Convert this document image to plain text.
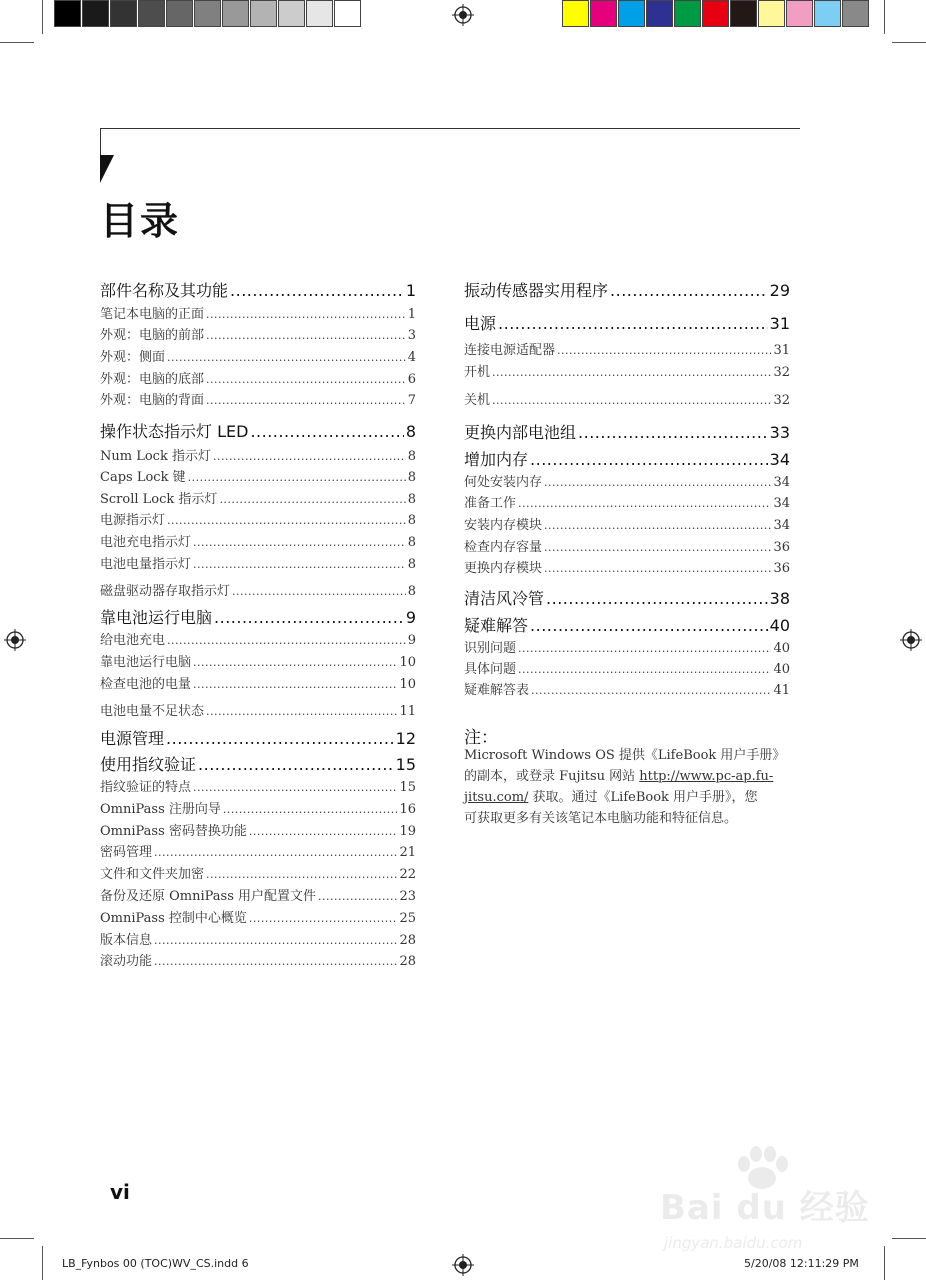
目录
部件名称及其功能 .....	1
笔记本电脑的正面 .....	1
外观：电脑的前部 .....	3
外观：侧面 .....	4
外观：电脑的底部 .....	6
外观：电脑的背面 .....	7
操作状态指示灯 LED .....	8
Num Lock 指示灯 .....	8
Caps Lock 键 .....	8
Scroll Lock 指示灯 .....	8
电源指示灯 .....	8
电池充电指示灯 .....	8
电池电量指示灯 .....	8
磁盘驱动器存取指示灯 .....	8
靠电池运行电脑 .....	9
给电池充电 .....	9
靠电池运行电脑 .....	10
检查电池的电量 .....	10
电池电量不足状态 .....	11
电源管理 .....	12
使用指纹验证 .....	15
指纹验证的特点 .....	15
OmniPass 注册向导 .....	16
OmniPass 密码替换功能 .....	19
密码管理 .....	21
文件和文件夹加密 .....	22
备份及还原 OmniPass 用户配置文件 .....	23
OmniPass 控制中心概览 .....	25
版本信息 .....	28
滚动功能 .....	28
振动传感器实用程序 .....	29
电源 .....	31
连接电源适配器 .....	31
开机 .....	32
关机 .....	32
更换内部电池组 .....	33
增加内存 .....	34
何处安装内存 .....	34
准备工作 .....	34
安装内存模块 .....	34
检查内存容量 .....	36
更换内存模块 .....	36
清洁风冷管 .....	38
疑难解答 .....	40
识别问题 .....	40
具体问题 .....	40
疑难解答表 .....	41
注：
Microsoft Windows OS 提供《LifeBook 用户手册》
的副本，或登录 Fujitsu 网站 http://www.pc-ap.fu-
jitsu.com/ 获取。通过《LifeBook 用户手册》，您
可获取更多有关该笔记本电脑功能和特征信息。
vi
LB_Fynbos 00 (TOC)WV_CS.indd 6	5/20/08 12:11:29 PM
Bai du 经验
jingyan.baidu.com
